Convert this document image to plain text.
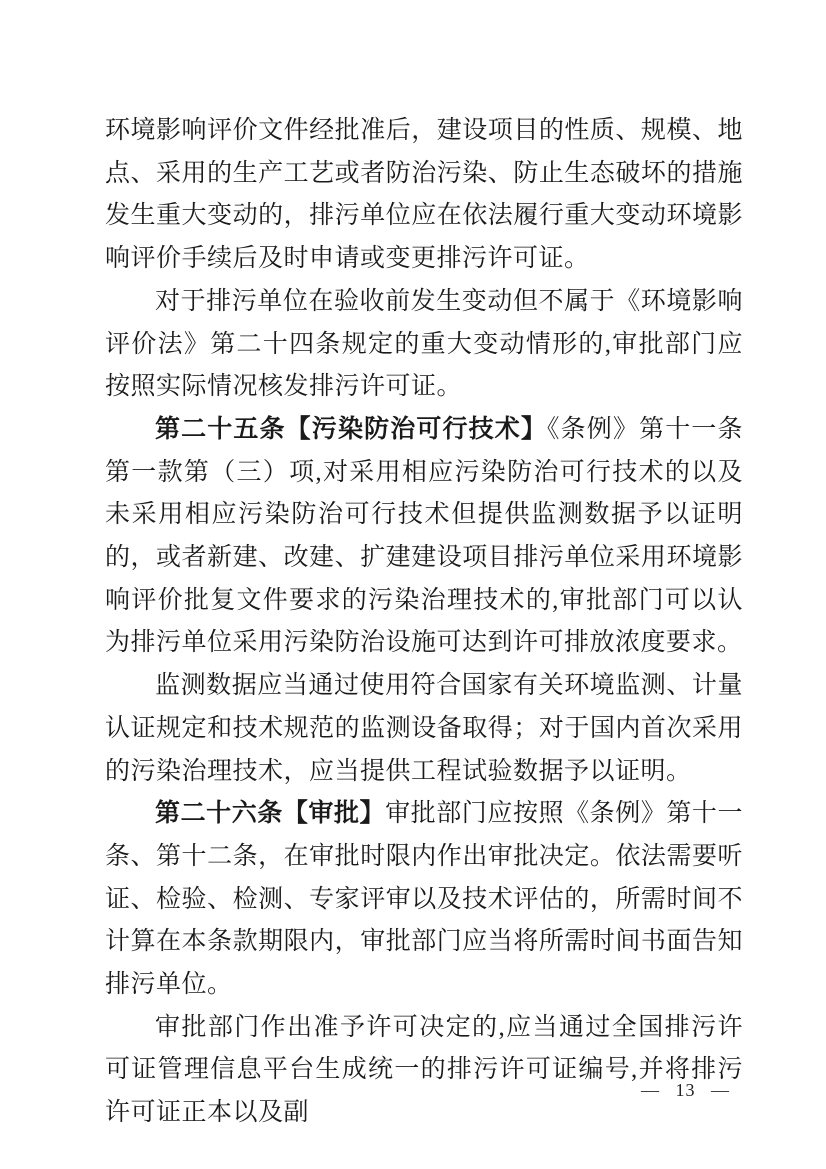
环境影响评价文件经批准后，建设项目的性质、规模、地点、采用的生产工艺或者防治污染、防止生态破坏的措施发生重大变动的，排污单位应在依法履行重大变动环境影响评价手续后及时申请或变更排污许可证。

对于排污单位在验收前发生变动但不属于《环境影响评价法》第二十四条规定的重大变动情形的,审批部门应按照实际情况核发排污许可证。

第二十五条【污染防治可行技术】《条例》第十一条第一款第（三）项,对采用相应污染防治可行技术的以及未采用相应污染防治可行技术但提供监测数据予以证明的，或者新建、改建、扩建建设项目排污单位采用环境影响评价批复文件要求的污染治理技术的,审批部门可以认为排污单位采用污染防治设施可达到许可排放浓度要求。

监测数据应当通过使用符合国家有关环境监测、计量认证规定和技术规范的监测设备取得；对于国内首次采用的污染治理技术，应当提供工程试验数据予以证明。

第二十六条【审批】审批部门应按照《条例》第十一条、第十二条，在审批时限内作出审批决定。依法需要听证、检验、检测、专家评审以及技术评估的，所需时间不计算在本条款期限内，审批部门应当将所需时间书面告知排污单位。

审批部门作出准予许可决定的,应当通过全国排污许可证管理信息平台生成统一的排污许可证编号,并将排污许可证正本以及副

— 13 —
